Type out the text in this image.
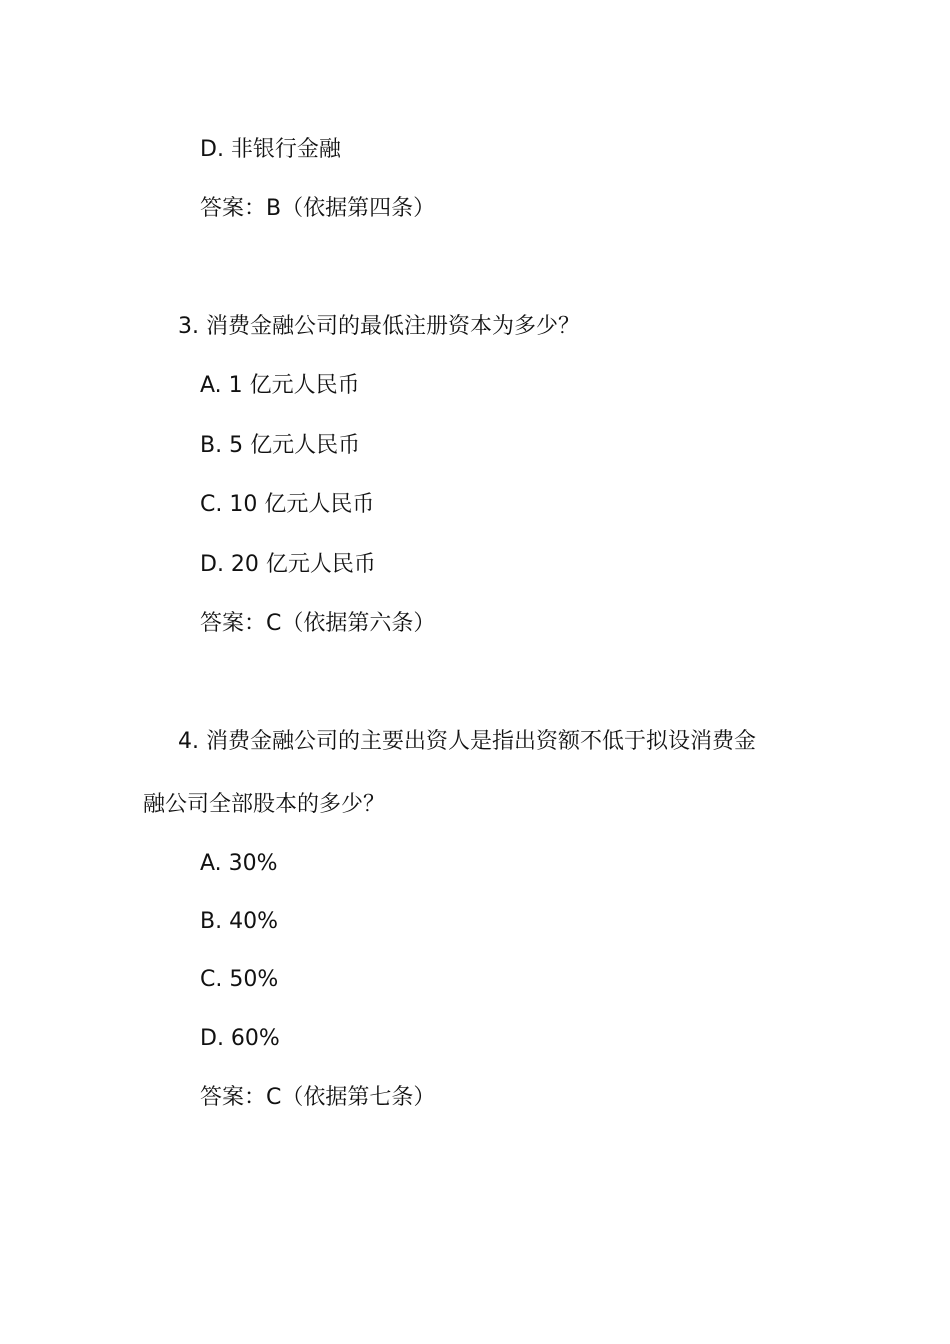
D. 非银行金融

答案：B（依据第四条）

3. 消费金融公司的最低注册资本为多少？

A. 1 亿元人民币

B. 5 亿元人民币

C. 10 亿元人民币

D. 20 亿元人民币

答案：C（依据第六条）

4. 消费金融公司的主要出资人是指出资额不低于拟设消费金

融公司全部股本的多少？

A. 30%

B. 40%

C. 50%

D. 60%

答案：C（依据第七条）
